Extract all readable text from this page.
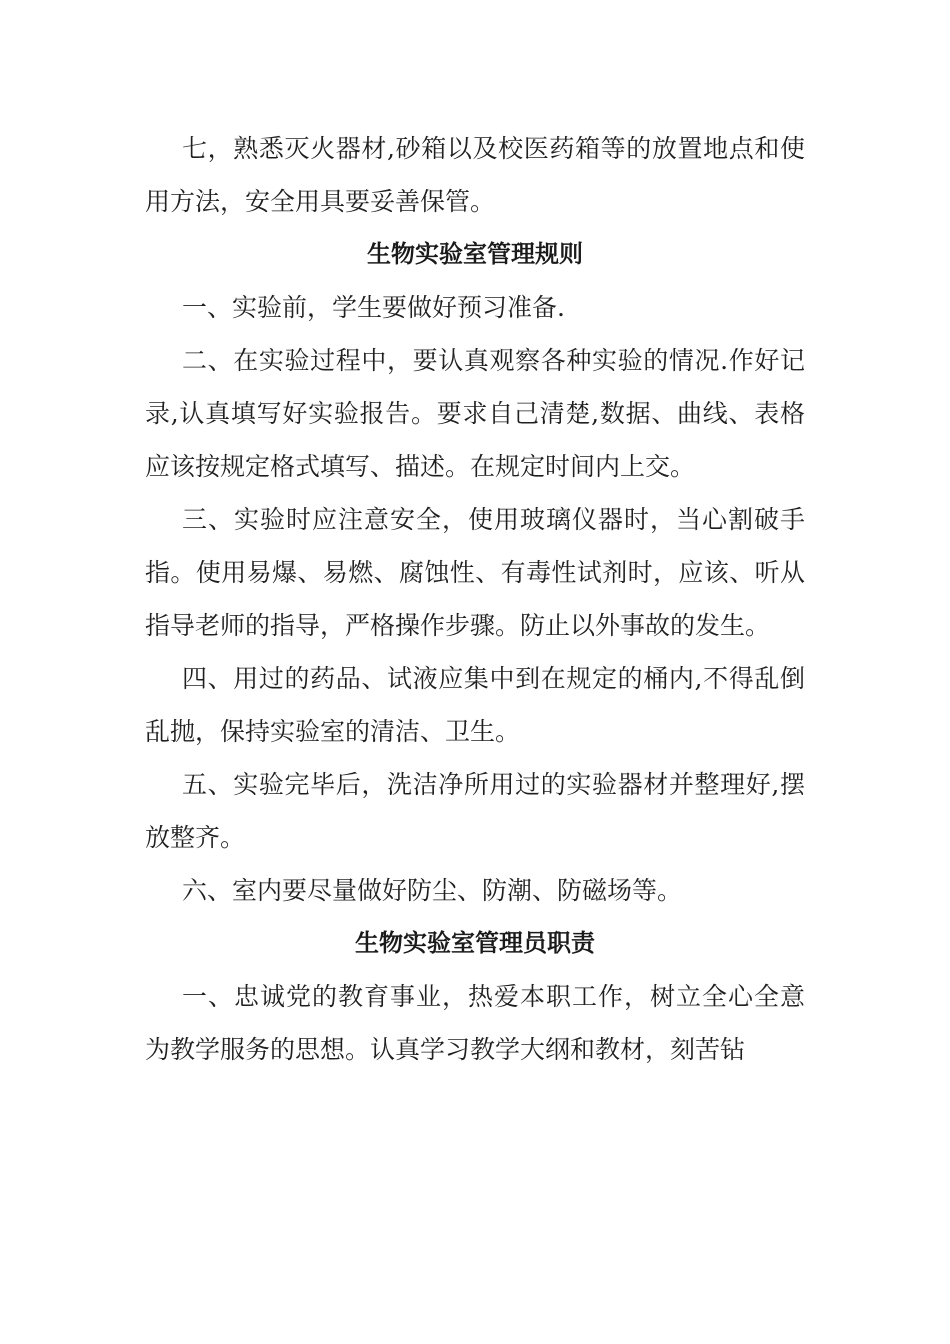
七，熟悉灭火器材,砂箱以及校医药箱等的放置地点和使用方法，安全用具要妥善保管。

生物实验室管理规则

一、实验前，学生要做好预习准备.

二、在实验过程中，要认真观察各种实验的情况.作好记录,认真填写好实验报告。要求自己清楚,数据、曲线、表格应该按规定格式填写、描述。在规定时间内上交。

三、实验时应注意安全，使用玻璃仪器时，当心割破手指。使用易爆、易燃、腐蚀性、有毒性试剂时，应该、听从指导老师的指导，严格操作步骤。防止以外事故的发生。

四、用过的药品、试液应集中到在规定的桶内,不得乱倒乱抛，保持实验室的清洁、卫生。

五、实验完毕后，洗洁净所用过的实验器材并整理好,摆放整齐。

六、室内要尽量做好防尘、防潮、防磁场等。

生物实验室管理员职责

一、忠诚党的教育事业，热爱本职工作，树立全心全意为教学服务的思想。认真学习教学大纲和教材，刻苦钻
